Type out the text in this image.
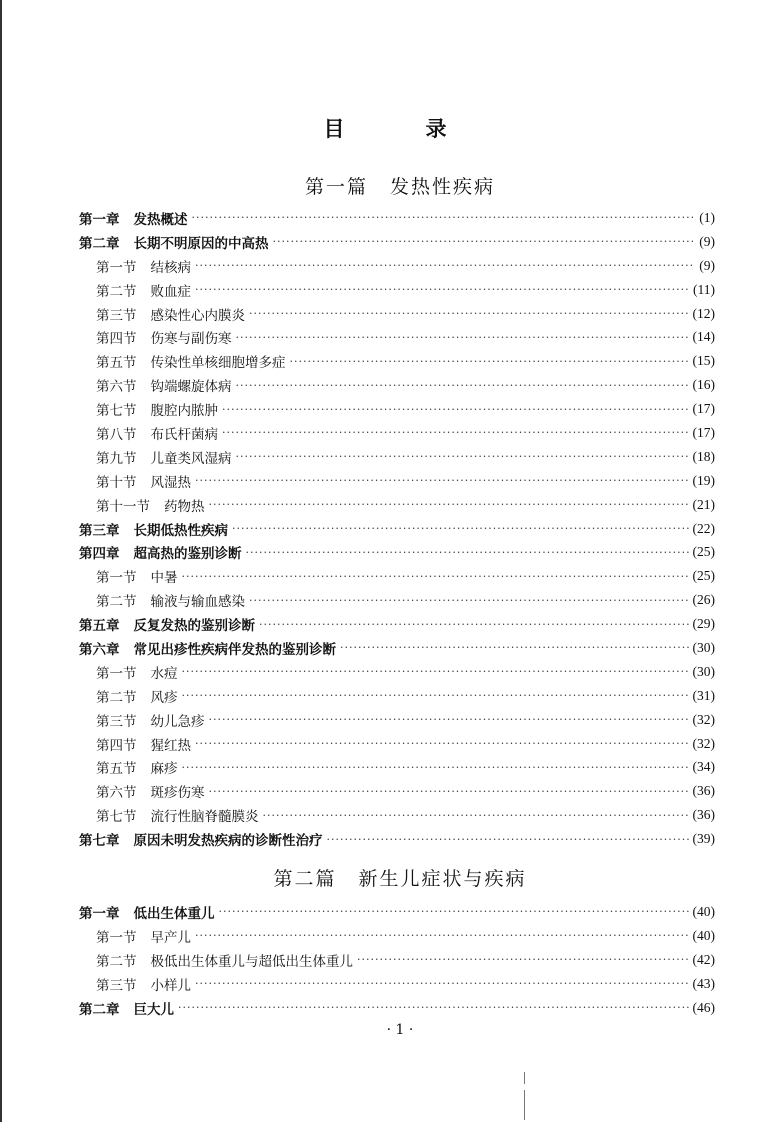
目　录
第一篇 发热性疾病
第一章 发热概述 ·····	(1)
第二章 长期不明原因的中高热 ·····	(9)
第一节 结核病 ·····	(9)
第二节 败血症 ·····	(11)
第三节 感染性心内膜炎 ·····	(12)
第四节 伤寒与副伤寒 ·····	(14)
第五节 传染性单核细胞增多症 ·····	(15)
第六节 钩端螺旋体病 ·····	(16)
第七节 腹腔内脓肿 ·····	(17)
第八节 布氏杆菌病 ·····	(17)
第九节 儿童类风湿病 ·····	(18)
第十节 风湿热 ·····	(19)
第十一节 药物热 ·····	(21)
第三章 长期低热性疾病 ·····	(22)
第四章 超高热的鉴别诊断 ·····	(25)
第一节 中暑 ·····	(25)
第二节 输液与输血感染 ·····	(26)
第五章 反复发热的鉴别诊断 ·····	(29)
第六章 常见出疹性疾病伴发热的鉴别诊断 ·····	(30)
第一节 水痘 ·····	(30)
第二节 风疹 ·····	(31)
第三节 幼儿急疹 ·····	(32)
第四节 猩红热 ·····	(32)
第五节 麻疹 ·····	(34)
第六节 斑疹伤寒 ·····	(36)
第七节 流行性脑脊髓膜炎 ·····	(36)
第七章 原因未明发热疾病的诊断性治疗 ·····	(39)
第二篇 新生儿症状与疾病
第一章 低出生体重儿 ·····	(40)
第一节 早产儿 ·····	(40)
第二节 极低出生体重儿与超低出生体重儿 ·····	(42)
第三节 小样儿 ·····	(43)
第二章 巨大儿 ·····	(46)
· 1 ·
